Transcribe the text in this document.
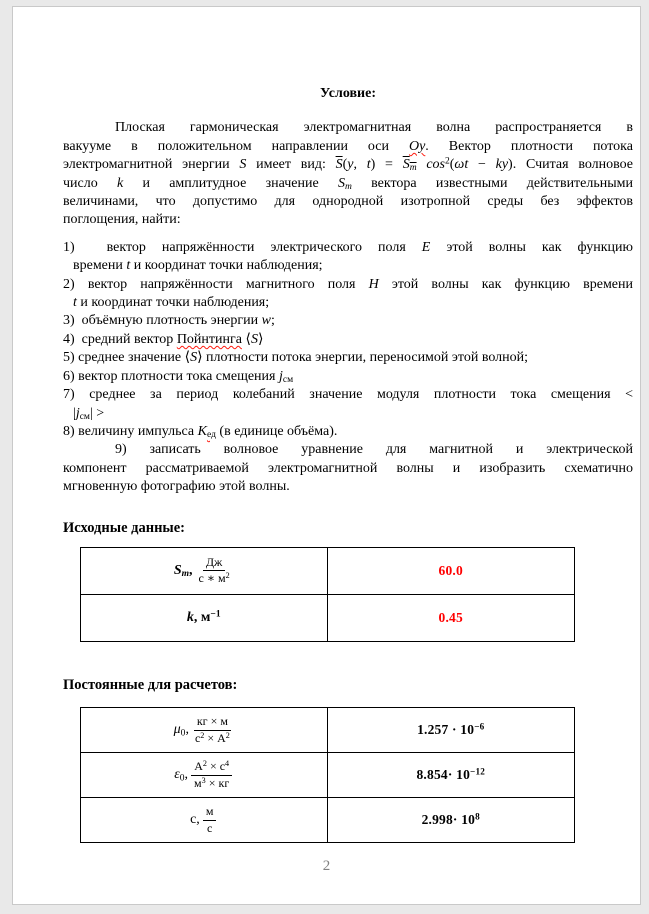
Условие:
Плоская гармоническая электромагнитная волна распространяется в
вакууме в положительном направлении оси Oy. Вектор плотности потока
электромагнитной энергии S имеет вид: $\overline{S}(y$, $t) = S_m$ $\cos^2(\omega t - ky)$. Считая волновое
число k и амплитудное значение $S_m$ вектора известными действительными
величинами, что допустимо для однородной изотропной среды без эффектов
поглощения, найти:
1)  вектор напряжённости электрического поля E этой волны как функцию
времени t и координат точки наблюдения;
2) вектор напряжённости магнитного поля H этой волны как функцию времени
t и координат точки наблюдения;
3)  объёмную плотность энергии w;
4)  средний вектор Пойнтинга ⟨S⟩
5) среднее значение ⟨S⟩ плотности потока энергии, переносимой этой волной;
6) вектор плотности тока смещения $j_{см}$
7) среднее за период колебаний значение модуля плотности тока смещения <
$|j_{см}|$ >
8) величину импульса $K_{ед}$ (в единице объёма).
9) записать волновое уравнение для магнитной и электрической
компонент рассматриваемой электромагнитной волны и изобразить схематично
мгновенную фотографию этой волны.
Исходные данные:
$S_m$, $\frac{Дж}{с ∗ м^2}$	60.0
k, $м^{-1}$	0.45
Постоянные для расчетов:
$\mu_0$, $\frac{кг \times м}{с^2 \times А^2}$	$1.257 \cdot 10^{-6}$
$\varepsilon_0$, $\frac{А^2 \times с^4}{м^3 \times кг}$	$8.854\cdot 10^{-12}$
с, $\frac{м}{с}$	$2.998\cdot 10^8$
2
